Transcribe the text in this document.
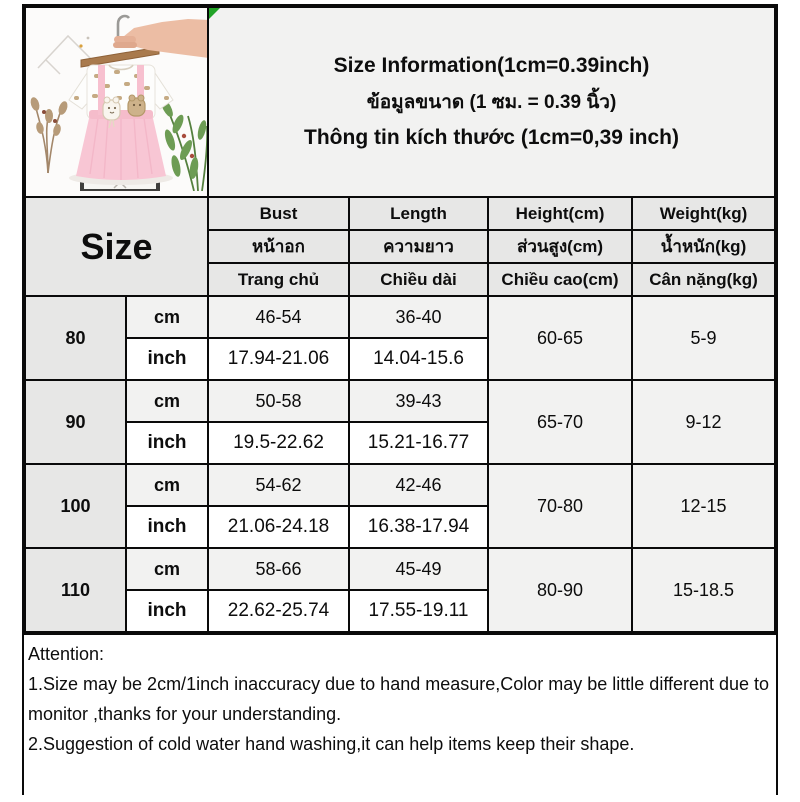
Size Information(1cm=0.39inch)
ข้อมูลขนาด (1 ซม. = 0.39 นิ้ว)
Thông tin kích thước (1cm=0,39 inch)			

Size		Bust	Length	Height(cm)	Weight(kg)
		หน้าอก	ความยาว	ส่วนสูง(cm)	น้ำหนัก(kg)
		Trang chủ	Chiều dài	Chiều cao(cm)	Cân nặng(kg)
80	cm	46-54	36-40	60-65	5-9
	inch	17.94-21.06	14.04-15.6		
90	cm	50-58	39-43	65-70	9-12
	inch	19.5-22.62	15.21-16.77		
100	cm	54-62	42-46	70-80	12-15
	inch	21.06-24.18	16.38-17.94		
110	cm	58-66	45-49	80-90	15-18.5
	inch	22.62-25.74	17.55-19.11		
Attention:
1.Size may be 2cm/1inch inaccuracy due to hand measure,Color may be little different due to monitor ,thanks for your understanding.
2.Suggestion of cold water hand washing,it can help items keep their shape.
